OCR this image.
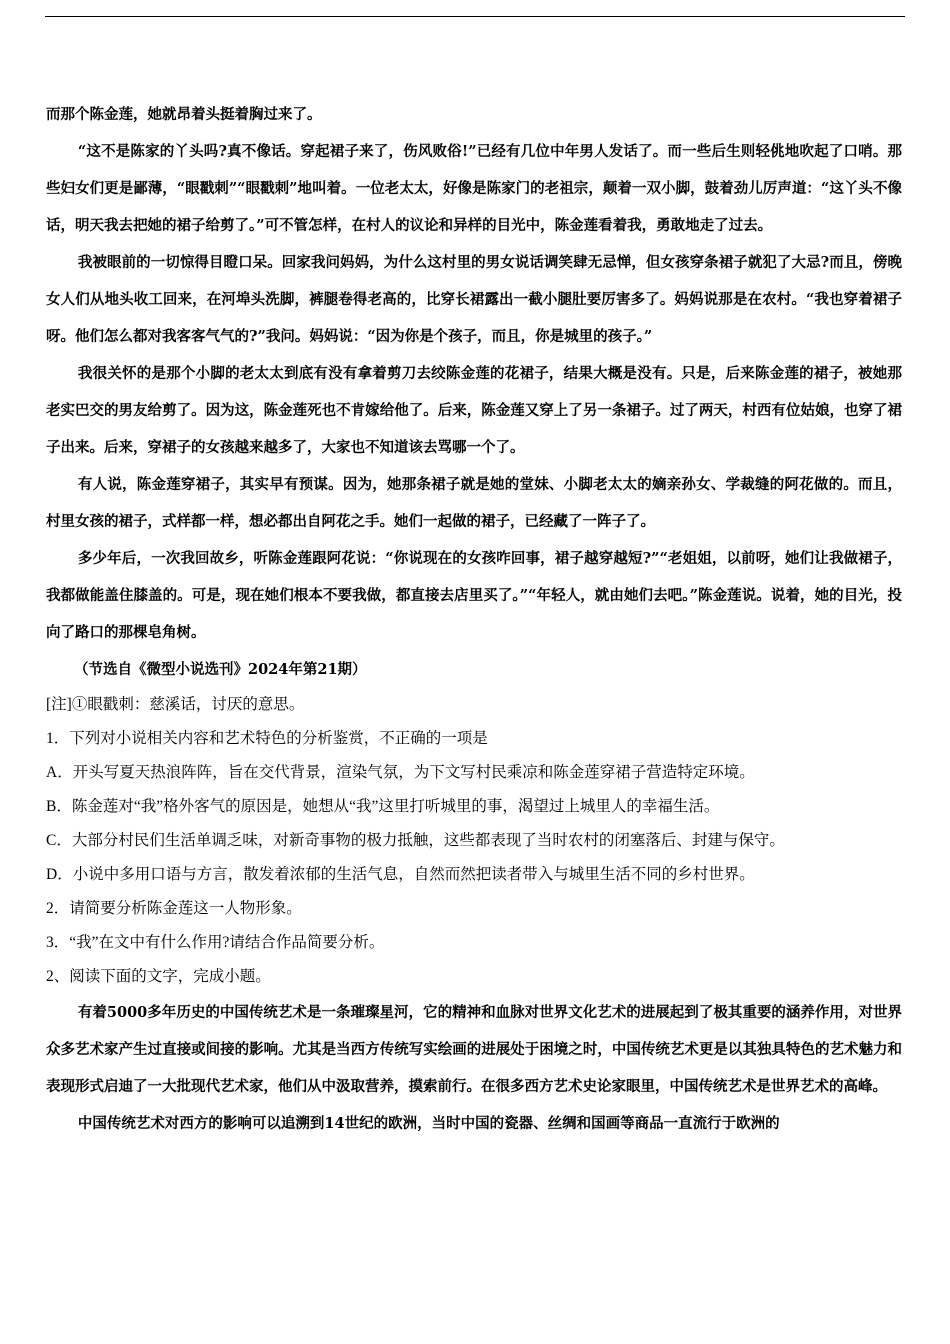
而那个陈金莲，她就昂着头挺着胸过来了。

“这不是陈家的丫头吗?真不像话。穿起裙子来了，伤风败俗!”已经有几位中年男人发话了。而一些后生则轻佻地吹起了口哨。那些妇女们更是鄙薄，“眼戳刺”“眼戳刺”地叫着。一位老太太，好像是陈家门的老祖宗，颠着一双小脚，鼓着劲儿厉声道：“这丫头不像话，明天我去把她的裙子给剪了。”可不管怎样，在村人的议论和异样的目光中，陈金莲看着我，勇敢地走了过去。

我被眼前的一切惊得目瞪口呆。回家我问妈妈，为什么这村里的男女说话调笑肆无忌惮，但女孩穿条裙子就犯了大忌?而且，傍晚女人们从地头收工回来，在河埠头洗脚，裤腿卷得老高的，比穿长裙露出一截小腿肚要厉害多了。妈妈说那是在农村。“我也穿着裙子呀。他们怎么都对我客客气气的?”我问。妈妈说：“因为你是个孩子，而且，你是城里的孩子。”

我很关怀的是那个小脚的老太太到底有没有拿着剪刀去绞陈金莲的花裙子，结果大概是没有。只是，后来陈金莲的裙子，被她那老实巴交的男友给剪了。因为这，陈金莲死也不肯嫁给他了。后来，陈金莲又穿上了另一条裙子。过了两天，村西有位姑娘，也穿了裙子出来。后来，穿裙子的女孩越来越多了，大家也不知道该去骂哪一个了。

有人说，陈金莲穿裙子，其实早有预谋。因为，她那条裙子就是她的堂妹、小脚老太太的嫡亲孙女、学裁缝的阿花做的。而且，村里女孩的裙子，式样都一样，想必都出自阿花之手。她们一起做的裙子，已经藏了一阵子了。

多少年后，一次我回故乡，听陈金莲跟阿花说：“你说现在的女孩咋回事，裙子越穿越短?”“老姐姐，以前呀，她们让我做裙子，我都做能盖住膝盖的。可是，现在她们根本不要我做，都直接去店里买了。”“年轻人，就由她们去吧。”陈金莲说。说着，她的目光，投向了路口的那棵皂角树。

（节选自《微型小说选刊》2024年第21期）

[注]①眼戳刺：慈溪话，讨厌的意思。

1．下列对小说相关内容和艺术特色的分析鉴赏，不正确的一项是

A．开头写夏天热浪阵阵，旨在交代背景，渲染气氛，为下文写村民乘凉和陈金莲穿裙子营造特定环境。

B．陈金莲对“我”格外客气的原因是，她想从“我”这里打听城里的事，渴望过上城里人的幸福生活。

C．大部分村民们生活单调乏味，对新奇事物的极力抵触，这些都表现了当时农村的闭塞落后、封建与保守。

D．小说中多用口语与方言，散发着浓郁的生活气息，自然而然把读者带入与城里生活不同的乡村世界。

2．请简要分析陈金莲这一人物形象。

3．“我”在文中有什么作用?请结合作品简要分析。

2、阅读下面的文字，完成小题。

有着5000多年历史的中国传统艺术是一条璀璨星河，它的精神和血脉对世界文化艺术的进展起到了极其重要的涵养作用，对世界众多艺术家产生过直接或间接的影响。尤其是当西方传统写实绘画的进展处于困境之时，中国传统艺术更是以其独具特色的艺术魅力和表现形式启迪了一大批现代艺术家，他们从中汲取营养，摸索前行。在很多西方艺术史论家眼里，中国传统艺术是世界艺术的高峰。

中国传统艺术对西方的影响可以追溯到14世纪的欧洲，当时中国的瓷器、丝绸和国画等商品一直流行于欧洲的
